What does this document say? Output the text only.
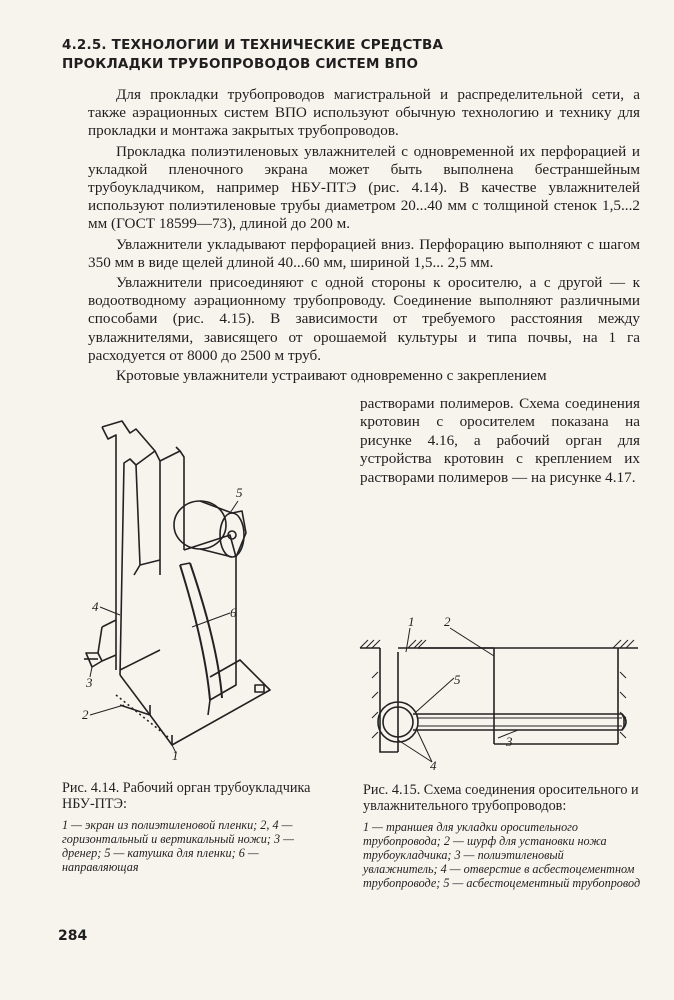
4.2.5. ТЕХНОЛОГИИ И ТЕХНИЧЕСКИЕ СРЕДСТВА ПРОКЛАДКИ ТРУБОПРОВОДОВ СИСТЕМ ВПО

Для прокладки трубопроводов магистральной и распределительной сети, а также аэрационных систем ВПО используют обычную технологию и технику для прокладки и монтажа закрытых трубопроводов.

Прокладка полиэтиленовых увлажнителей с одновременной их перфорацией и укладкой пленочного экрана может быть выполнена бестраншейным трубоукладчиком, например НБУ-ПТЭ (рис. 4.14). В качестве увлажнителей используют полиэтиленовые трубы диаметром 20...40 мм с толщиной стенок 1,5...2 мм (ГОСТ 18599—73), длиной до 200 м.

Увлажнители укладывают перфорацией вниз. Перфорацию выполняют с шагом 350 мм в виде щелей длиной 40...60 мм, шириной 1,5... 2,5 мм.

Увлажнители присоединяют с одной стороны к оросителю, а с другой — к водоотводному аэрационному трубопроводу. Соединение выполняют различными способами (рис. 4.15). В зависимости от требуемого расстояния между увлажнителями, зависящего от орошаемой культуры и типа почвы, на 1 га расходуется от 8000 до 2500 м труб.

Кротовые увлажнители устраивают одновременно с закреплением

растворами полимеров. Схема соединения кротовин с оросителем показана на рисунке 4.16, а рабочий орган для устройства кротовин с креплением их растворами полимеров — на рисунке 4.17.
5
6
4
3
2
1
1 2
5
3
4
Рис. 4.14. Рабочий орган трубоукладчика НБУ-ПТЭ:
1 — экран из полиэтиленовой пленки; 2, 4 — горизонтальный и вертикальный ножи; 3 — дренер; 5 — катушка для пленки; 6 — направляющая
Рис. 4.15. Схема соединения оросительного и увлажнительного трубопроводов:
1 — траншея для укладки оросительного трубопровода; 2 — шурф для установки ножа трубоукладчика; 3 — полиэтиленовый увлажнитель; 4 — отверстие в асбестоцементном трубопроводе; 5 — асбестоцементный трубопровод
284
